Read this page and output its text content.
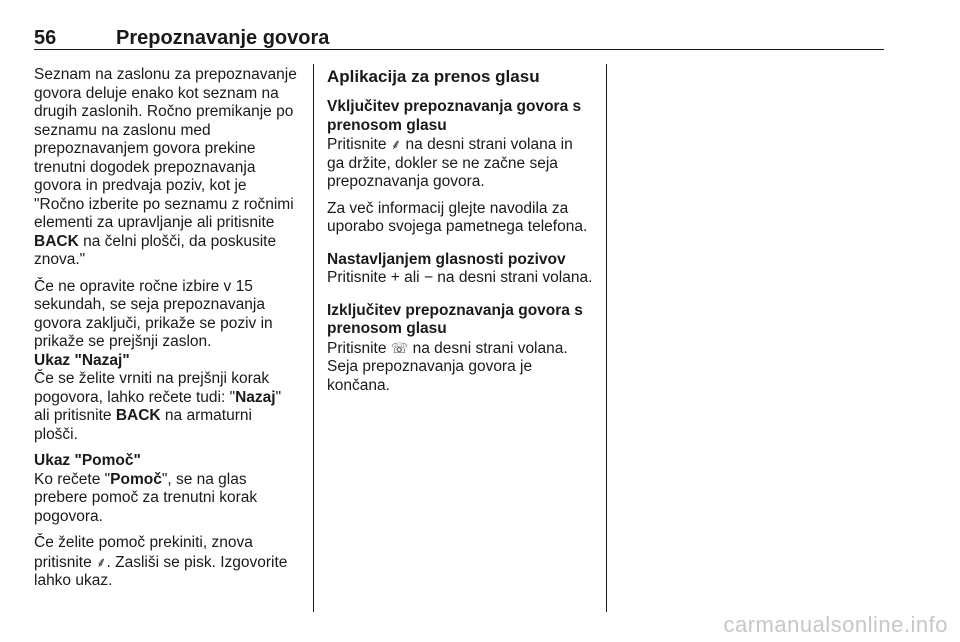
56	Prepoznavanje govora

Seznam na zaslonu za prepoznavanje govora deluje enako kot seznam na drugih zaslonih. Ročno premikanje po seznamu na zaslonu med prepoznavanjem govora prekine trenutni dogodek prepoznavanja govora in predvaja poziv, kot je "Ročno izberite po seznamu z ročnimi elementi za upravljanje ali pritisnite BACK na čelni plošči, da poskusite znova."

Če ne opravite ročne izbire v 15 sekundah, se seja prepoznavanja govora zaključi, prikaže se poziv in prikaže se prejšnji zaslon.

Ukaz "Nazaj"

Če se želite vrniti na prejšnji korak pogovora, lahko rečete tudi: "Nazaj" ali pritisnite BACK na armaturni plošči.

Ukaz "Pomoč"

Ko rečete "Pomoč", se na glas prebere pomoč za trenutni korak pogovora.

Če želite pomoč prekiniti, znova pritisnite ⸙. Zasliši se pisk. Izgovorite lahko ukaz.

Aplikacija za prenos glasu
Vključitev prepoznavanja govora s prenosom glasu

Pritisnite ⸙ na desni strani volana in ga držite, dokler se ne začne seja prepoznavanja govora.

Za več informacij glejte navodila za uporabo svojega pametnega telefona.

Nastavljanjem glasnosti pozivov

Pritisnite + ali − na desni strani volana.

Izključitev prepoznavanja govora s prenosom glasu

Pritisnite ☏ na desni strani volana. Seja prepoznavanja govora je končana.

carmanualsonline.info
